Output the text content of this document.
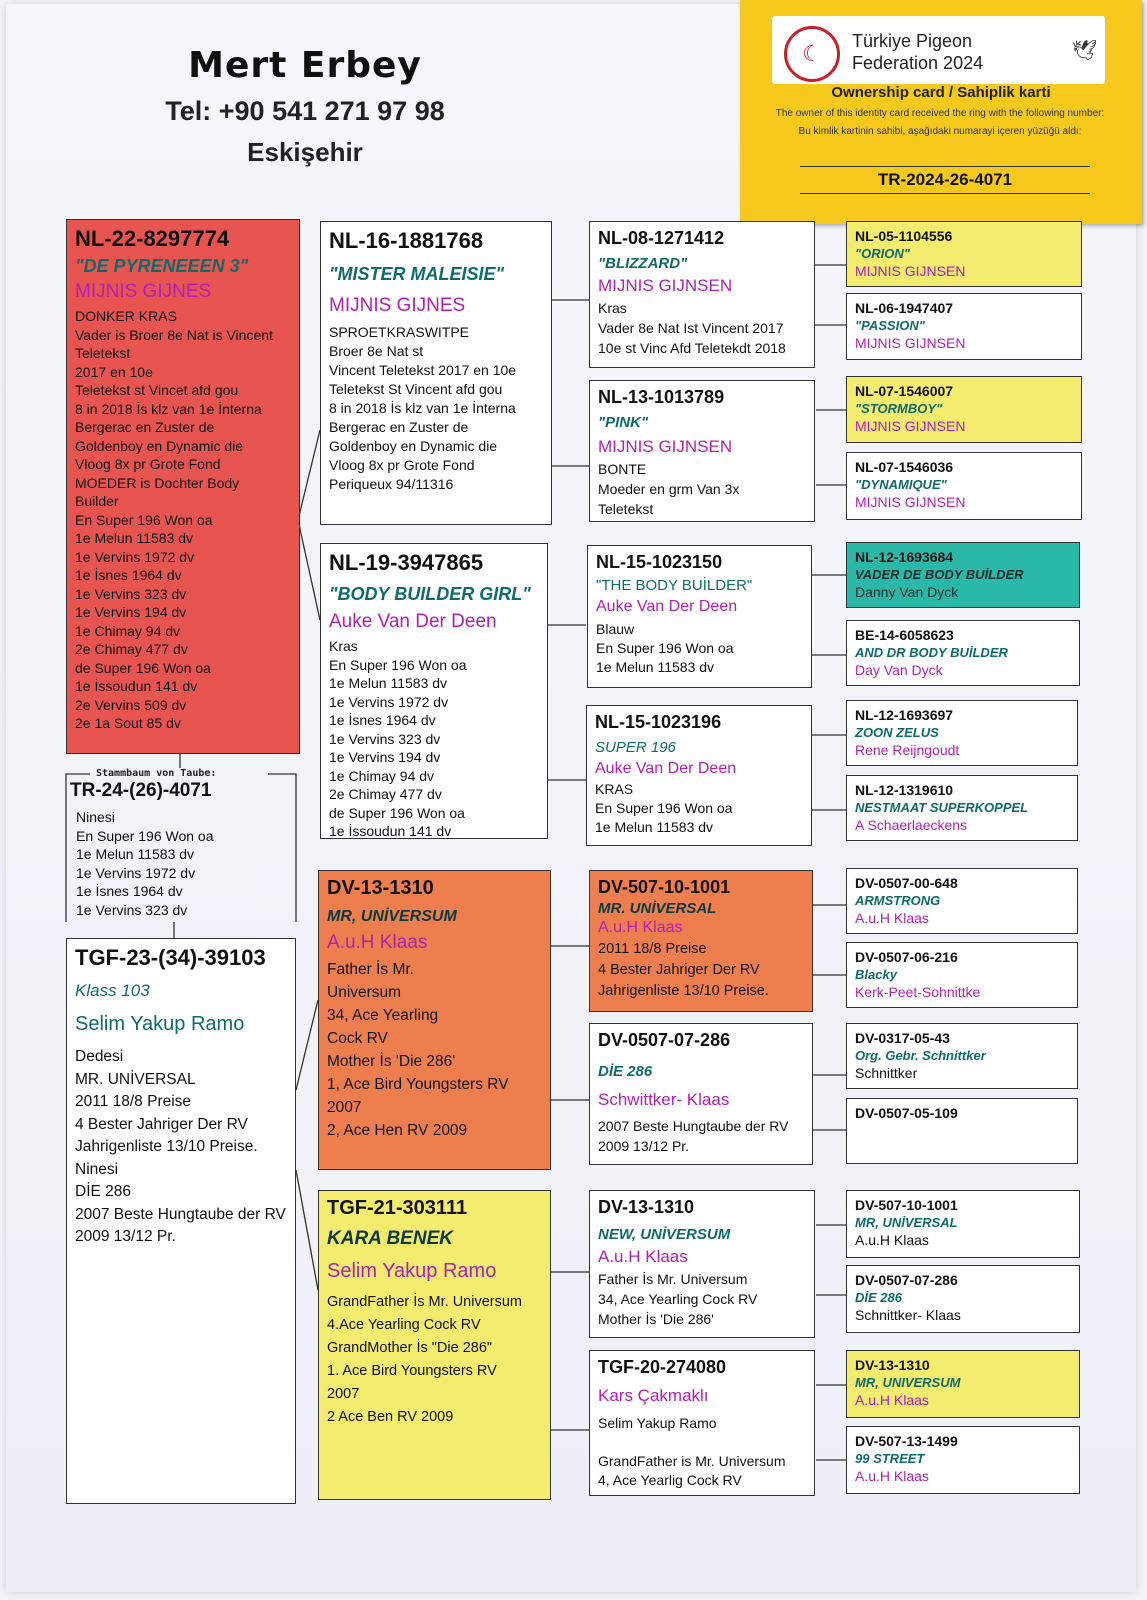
Mert Erbey
Tel: +90 541 271 97 98
Eskişehir
☾	Türkiye Pigeon
Federation 2024
🕊
Ownership card / Sahiplik karti
The owner of this identity card received the ring with the following number:
Bu kimlik kartinin sahibi, aşağıdaki numarayi içeren yüzüğü aldı:
TR-2024-26-4071
NL-22-8297774
"DE PYRENEEEN 3"
MIJNIS GIJNES
DONKER KRAS
Vader is Broer 8e Nat is Vincent Teletekst
2017 en 10e
Teletekst st Vincet afd gou
8 in 2018 İs klz van 1e İnterna
Bergerac en Zuster de
Goldenboy en Dynamic die
Vloog 8x pr Grote Fond
MOEDER is Dochter Body
Builder
En Super 196 Won oa
1e Melun 11583 dv
1e Vervins 1972 dv
1e İsnes 1964 dv
1e Vervins 323 dv
1e Vervins 194 dv
1e Chimay 94 dv
2e Chimay 477 dv
de Super 196 Won oa
1e İssoudun 141 dv
2e Vervins 509 dv
2e 1a Sout 85 dv
Stammbaum von Taube:
TR-24-(26)-4071
Ninesi
En Super 196 Won oa
1e Melun 11583 dv
1e Vervins 1972 dv
1e İsnes 1964 dv
1e Vervins 323 dv
TGF-23-(34)-39103
Klass 103
Selim Yakup Ramo
Dedesi
MR. UNİVERSAL
2011 18/8 Preise
4 Bester Jahriger Der RV
Jahrigenliste 13/10 Preise.
Ninesi
DİE 286
2007 Beste Hungtaube der RV
2009 13/12 Pr.
NL-16-1881768
"MISTER MALEISIE"
MIJNIS GIJNES
SPROETKRASWITPE
Broer 8e Nat st
Vincent Teletekst 2017 en 10e
Teletekst St Vincent afd gou
8 in 2018 İs klz van 1e İnterna
Bergerac en Zuster de
Goldenboy en Dynamic die
Vloog 8x pr Grote Fond
Periqueux 94/11316
NL-19-3947865
"BODY BUILDER GIRL"
Auke Van Der Deen
Kras
En Super 196 Won oa
1e Melun 11583 dv
1e Vervins 1972 dv
1e İsnes 1964 dv
1e Vervins 323 dv
1e Vervins 194 dv
1e Chimay 94 dv
2e Chimay 477 dv
de Super 196 Won oa
1e İssoudun 141 dv
DV-13-1310
MR, UNİVERSUM
A.u.H Klaas
Father İs Mr.
Universum
34, Ace Yearling
Cock RV
Mother İs 'Die 286'
1, Ace Bird Youngsters RV
2007
2, Ace Hen RV 2009
TGF-21-303111
KARA BENEK
Selim Yakup Ramo
GrandFather İs Mr. Universum
4.Ace Yearling Cock RV
GrandMother İs "Die 286"
1. Ace Bird Youngsters RV
2007
2 Ace Ben RV 2009
NL-08-1271412
"BLIZZARD"
MIJNIS GIJNSEN
Kras
Vader 8e Nat Ist Vincent 2017
10e st Vinc Afd Teletekdt 2018
NL-13-1013789
"PINK"
MIJNIS GIJNSEN
BONTE
Moeder en grm Van 3x
Teletekst
NL-15-1023150
"THE BODY BUİLDER"
Auke Van Der Deen
Blauw
En Super 196 Won oa
1e Melun 11583 dv
NL-15-1023196
SUPER 196
Auke Van Der Deen
KRAS
En Super 196 Won oa
1e Melun 11583 dv
DV-507-10-1001
MR. UNİVERSAL
A.u.H Klaas
2011 18/8 Preise
4 Bester Jahriger Der RV
Jahrigenliste 13/10 Preise.
DV-0507-07-286
DİE 286
Schwittker- Klaas
2007 Beste Hungtaube der RV
2009 13/12 Pr.
DV-13-1310
NEW, UNİVERSUM
A.u.H Klaas
Father İs Mr. Universum
34, Ace Yearling Cock RV
Mother İs 'Die 286'
TGF-20-274080
Kars Çakmaklı
Selim Yakup Ramo

GrandFather is Mr. Universum
4, Ace Yearlig Cock RV
NL-05-1104556
"ORION"
MIJNIS GIJNSEN
NL-06-1947407
"PASSION"
MIJNIS GIJNSEN
NL-07-1546007
"STORMBOY"
MIJNIS GIJNSEN
NL-07-1546036
"DYNAMIQUE"
MIJNIS GIJNSEN
NL-12-1693684
VADER DE BODY BUİLDER
Danny Van Dyck
BE-14-6058623
AND DR BODY BUİLDER
Day Van Dyck
NL-12-1693697
ZOON ZELUS
Rene Reijngoudt
NL-12-1319610
NESTMAAT SUPERKOPPEL
A Schaerlaeckens
DV-0507-00-648
ARMSTRONG
A.u.H Klaas
DV-0507-06-216
Blacky
Kerk-Peet-Sohnittke
DV-0317-05-43
Org. Gebr. Schnittker
Schnittker
DV-0507-05-109
DV-507-10-1001
MR, UNİVERSAL
A.u.H Klaas
DV-0507-07-286
DİE 286
Schnittker- Klaas
DV-13-1310
MR, UNIVERSUM
A.u.H Klaas
DV-507-13-1499
99 STREET
A.u.H Klaas
